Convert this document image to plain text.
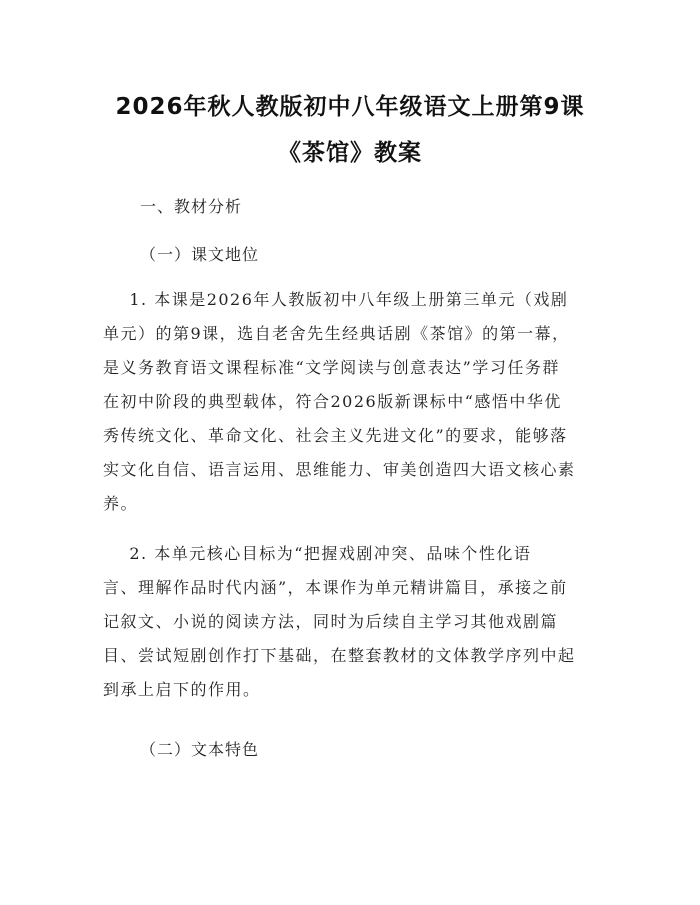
2026年秋人教版初中八年级语文上册第9课
《茶馆》教案
一、教材分析
（一）课文地位
1. 本课是2026年人教版初中八年级上册第三单元（戏剧
单元）的第9课，选自老舍先生经典话剧《茶馆》的第一幕，
是义务教育语文课程标准“文学阅读与创意表达”学习任务群
在初中阶段的典型载体，符合2026版新课标中“感悟中华优
秀传统文化、革命文化、社会主义先进文化”的要求，能够落
实文化自信、语言运用、思维能力、审美创造四大语文核心素
养。
2. 本单元核心目标为“把握戏剧冲突、品味个性化语
言、理解作品时代内涵”，本课作为单元精讲篇目，承接之前
记叙文、小说的阅读方法，同时为后续自主学习其他戏剧篇
目、尝试短剧创作打下基础，在整套教材的文体教学序列中起
到承上启下的作用。
（二）文本特色
